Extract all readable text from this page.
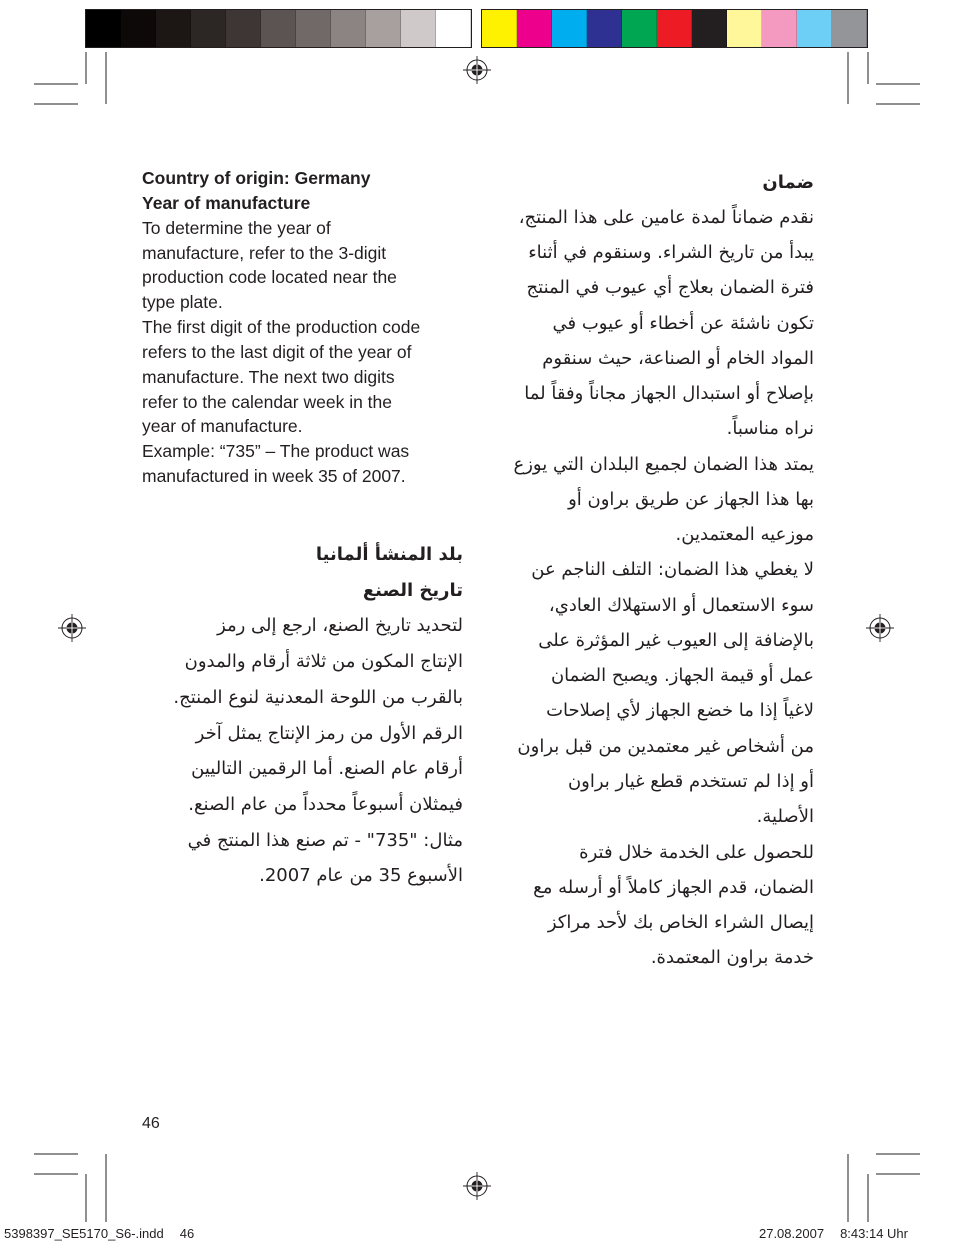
Country of origin: Germany
Year of manufacture
To determine the year of
manufacture, refer to the 3-digit
production code located near the
type plate.
The first digit of the production code
refers to the last digit of the year of
manufacture. The next two digits
refer to the calendar week in the
year of manufacture.
Example: “735” – The product was
manufactured in week 35 of 2007.
بلد المنشأ ألمانيا
تاريخ الصنع
لتحديد تاريخ الصنع، ارجع إلى رمز
الإنتاج المكون من ثلاثة أرقام والمدون
بالقرب من اللوحة المعدنية لنوع المنتج.
الرقم الأول من رمز الإنتاج يمثل آخر
أرقام عام الصنع. أما الرقمين التاليين
فيمثلان أسبوعاً محدداً من عام الصنع.
مثال: "735" - تم صنع هذا المنتج في
الأسبوع 35 من عام 2007.
ضمان
نقدم ضماناً لمدة عامين على هذا المنتج،
يبدأ من تاريخ الشراء. وسنقوم في أثناء
فترة الضمان بعلاج أي عيوب في المنتج
تكون ناشئة عن أخطاء أو عيوب في
المواد الخام أو الصناعة، حيث سنقوم
بإصلاح أو استبدال الجهاز مجاناً وفقاً لما
نراه مناسباً.
يمتد هذا الضمان لجميع البلدان التي يوزع
بها هذا الجهاز عن طريق براون أو
موزعيه المعتمدين.
لا يغطي هذا الضمان: التلف الناجم عن
سوء الاستعمال أو الاستهلاك العادي،
بالإضافة إلى العيوب غير المؤثرة على
عمل أو قيمة الجهاز. ويصبح الضمان
لاغياً إذا ما خضع الجهاز لأي إصلاحات
من أشخاص غير معتمدين من قبل براون
أو إذا لم تستخدم قطع غيار براون
الأصلية.
للحصول على الخدمة خلال فترة
الضمان، قدم الجهاز كاملاً أو أرسله مع
إيصال الشراء الخاص بك لأحد مراكز
خدمة براون المعتمدة.
46
5398397_SE5170_S6-.indd 46	27.08.2007 8:43:14 Uhr
